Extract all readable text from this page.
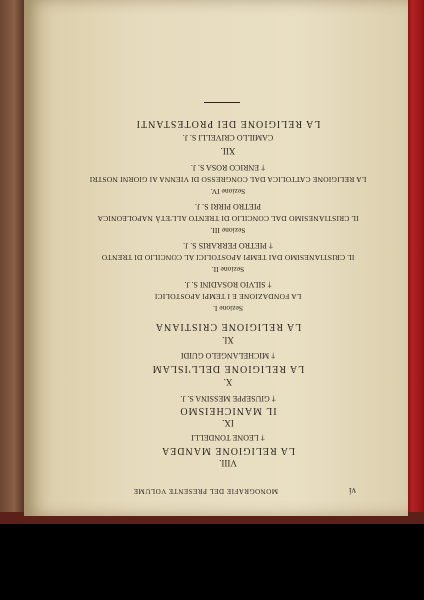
vi
MONOGRAFIE DEL PRESENTE VOLUME
VIII.
LA RELIGIONE MANDEA
† LEONE TONDELLI
IX.
IL MANICHEISMO
† GIUSEPPE MESSINA S. J.
X.
LA RELIGIONE DELL'ISLAM
† MICHELANGELO GUIDI
XI.
LA RELIGIONE CRISTIANA
Sezione I.
LA FONDAZIONE E I TEMPI APOSTOLICI
† SILVIO ROSADINI S. J.
Sezione II.
IL CRISTIANESIMO DAI TEMPI APOSTOLICI AL CONCILIO DI TRENTO
† PIETRO FERRARIS S. J.
Sezione III.
IL CRISTIANESIMO DAL CONCILIO DI TRENTO ALL'ETÀ NAPOLEONICA
PIETRO PIRRI S. J.
Sezione IV.
LA RELIGIONE CATTOLICA DAL CONGRESSO DI VIENNA AI GIORNI NOSTRI
† ENRICO ROSA S. J.
XII.
CAMILLO CRIVELLI S. J.
LA RELIGIONE DEI PROTESTANTI
